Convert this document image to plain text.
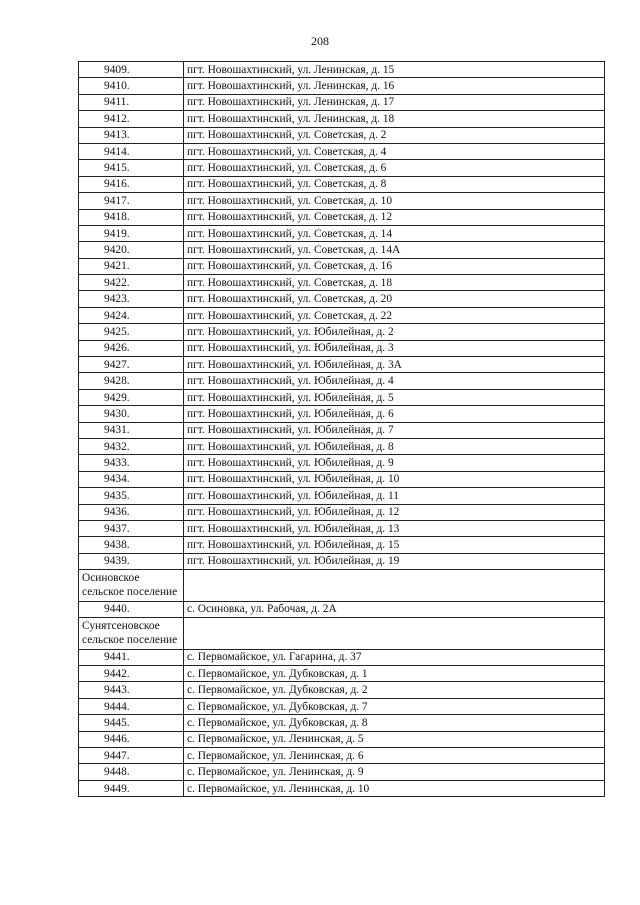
208
9409.	пгт. Новошахтинский, ул. Ленинская, д. 15
9410.	пгт. Новошахтинский, ул. Ленинская, д. 16
9411.	пгт. Новошахтинский, ул. Ленинская, д. 17
9412.	пгт. Новошахтинский, ул. Ленинская, д. 18
9413.	пгт. Новошахтинский, ул. Советская, д. 2
9414.	пгт. Новошахтинский, ул. Советская, д. 4
9415.	пгт. Новошахтинский, ул. Советская, д. 6
9416.	пгт. Новошахтинский, ул. Советская, д. 8
9417.	пгт. Новошахтинский, ул. Советская, д. 10
9418.	пгт. Новошахтинский, ул. Советская, д. 12
9419.	пгт. Новошахтинский, ул. Советская, д. 14
9420.	пгт. Новошахтинский, ул. Советская, д. 14А
9421.	пгт. Новошахтинский, ул. Советская, д. 16
9422.	пгт. Новошахтинский, ул. Советская, д. 18
9423.	пгт. Новошахтинский, ул. Советская, д. 20
9424.	пгт. Новошахтинский, ул. Советская, д. 22
9425.	пгт. Новошахтинский, ул. Юбилейная, д. 2
9426.	пгт. Новошахтинский, ул. Юбилейная, д. 3
9427.	пгт. Новошахтинский, ул. Юбилейная, д. 3А
9428.	пгт. Новошахтинский, ул. Юбилейная, д. 4
9429.	пгт. Новошахтинский, ул. Юбилейная, д. 5
9430.	пгт. Новошахтинский, ул. Юбилейная, д. 6
9431.	пгт. Новошахтинский, ул. Юбилейная, д. 7
9432.	пгт. Новошахтинский, ул. Юбилейная, д. 8
9433.	пгт. Новошахтинский, ул. Юбилейная, д. 9
9434.	пгт. Новошахтинский, ул. Юбилейная, д. 10
9435.	пгт. Новошахтинский, ул. Юбилейная, д. 11
9436.	пгт. Новошахтинский, ул. Юбилейная, д. 12
9437.	пгт. Новошахтинский, ул. Юбилейная, д. 13
9438.	пгт. Новошахтинский, ул. Юбилейная, д. 15
9439.	пгт. Новошахтинский, ул. Юбилейная, д. 19
Осиновское сельское поселение	
9440.	с. Осиновка, ул. Рабочая, д. 2А
Сунятсеновское сельское поселение	
9441.	с. Первомайское, ул. Гагарина, д. 37
9442.	с. Первомайское, ул. Дубковская, д. 1
9443.	с. Первомайское, ул. Дубковская, д. 2
9444.	с. Первомайское, ул. Дубковская, д. 7
9445.	с. Первомайское, ул. Дубковская, д. 8
9446.	с. Первомайское, ул. Ленинская, д. 5
9447.	с. Первомайское, ул. Ленинская, д. 6
9448.	с. Первомайское, ул. Ленинская, д. 9
9449.	с. Первомайское, ул. Ленинская, д. 10
